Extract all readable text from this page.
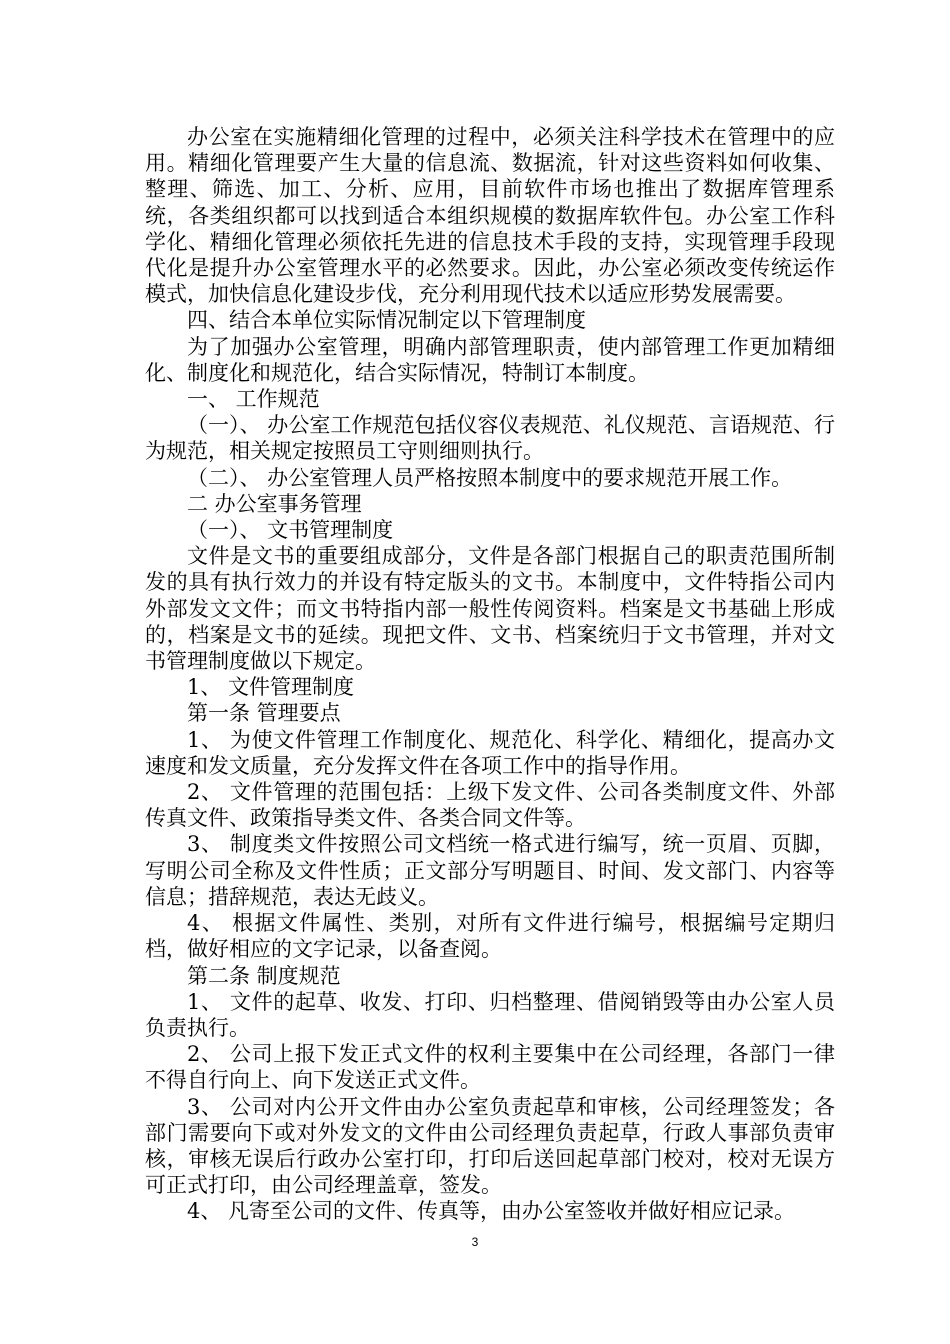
办公室在实施精细化管理的过程中，必须关注科学技术在管理中的应用。精细化管理要产生大量的信息流、数据流，针对这些资料如何收集、整理、筛选、加工、分析、应用，目前软件市场也推出了数据库管理系统，各类组织都可以找到适合本组织规模的数据库软件包。办公室工作科学化、精细化管理必须依托先进的信息技术手段的支持，实现管理手段现代化是提升办公室管理水平的必然要求。因此，办公室必须改变传统运作模式，加快信息化建设步伐，充分利用现代技术以适应形势发展需要。

四、结合本单位实际情况制定以下管理制度

为了加强办公室管理，明确内部管理职责，使内部管理工作更加精细化、制度化和规范化，结合实际情况，特制订本制度。

一、 工作规范

（一）、 办公室工作规范包括仪容仪表规范、礼仪规范、言语规范、行为规范，相关规定按照员工守则细则执行。

（二）、 办公室管理人员严格按照本制度中的要求规范开展工作。

二 办公室事务管理

（一）、 文书管理制度

文件是文书的重要组成部分，文件是各部门根据自己的职责范围所制发的具有执行效力的并设有特定版头的文书。本制度中，文件特指公司内外部发文文件；而文书特指内部一般性传阅资料。档案是文书基础上形成的，档案是文书的延续。现把文件、文书、档案统归于文书管理，并对文书管理制度做以下规定。

1、 文件管理制度

第一条 管理要点

1、 为使文件管理工作制度化、规范化、科学化、精细化，提高办文速度和发文质量，充分发挥文件在各项工作中的指导作用。

2、 文件管理的范围包括：上级下发文件、公司各类制度文件、外部传真文件、政策指导类文件、各类合同文件等。

3、 制度类文件按照公司文档统一格式进行编写，统一页眉、页脚，写明公司全称及文件性质；正文部分写明题目、时间、发文部门、内容等信息；措辞规范，表达无歧义。

4、 根据文件属性、类别，对所有文件进行编号，根据编号定期归档，做好相应的文字记录，以备查阅。

第二条 制度规范

1、 文件的起草、收发、打印、归档整理、借阅销毁等由办公室人员负责执行。

2、 公司上报下发正式文件的权利主要集中在公司经理，各部门一律不得自行向上、向下发送正式文件。

3、 公司对内公开文件由办公室负责起草和审核，公司经理签发；各部门需要向下或对外发文的文件由公司经理负责起草，行政人事部负责审核，审核无误后行政办公室打印，打印后送回起草部门校对，校对无误方可正式打印，由公司经理盖章，签发。

4、 凡寄至公司的文件、传真等，由办公室签收并做好相应记录。

3
